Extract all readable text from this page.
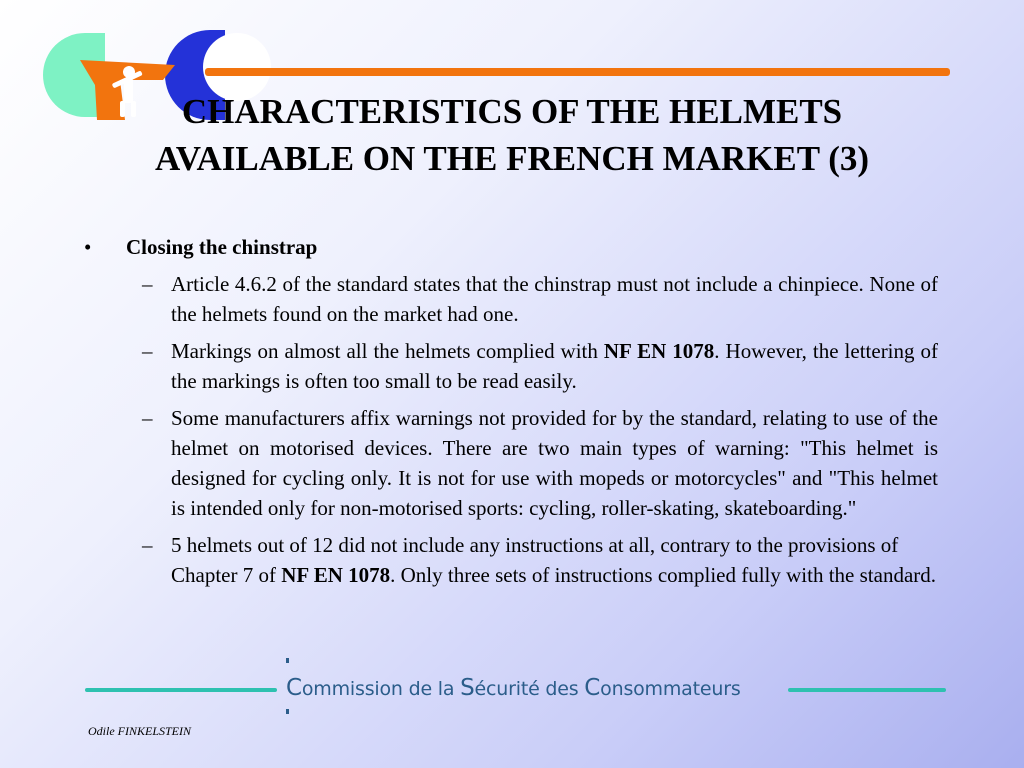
CHARACTERISTICS OF THE HELMETS
AVAILABLE ON THE FRENCH MARKET (3)
• Closing the chinstrap
– Article 4.6.2 of the standard states that the chinstrap must not include a chinpiece. None of the helmets found on the market had one.
– Markings on almost all the helmets complied with NF EN 1078. However, the lettering of the markings is often too small to be read easily.
– Some manufacturers affix warnings not provided for by the standard, relating to use of the helmet on motorised devices. There are two main types of warning: "This helmet is designed for cycling only. It is not for use with mopeds or motorcycles" and "This helmet is intended only for non-motorised sports: cycling, roller-skating, skateboarding."
– 5 helmets out of 12 did not include any instructions at all, contrary to the provisions of Chapter 7 of NF EN 1078. Only three sets of instructions complied fully with the standard.
Commission de la Sécurité des Consommateurs
Odile FINKELSTEIN
